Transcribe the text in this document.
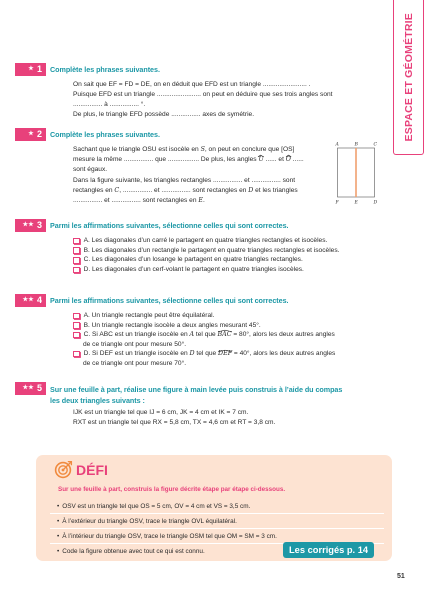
ESPACE ET GÉOMÉTRIE
★ 1 Complète les phrases suivantes.
On sait que EF = FD = DE, on en déduit que EFD est un triangle ........................ .
Puisque EFD est un triangle ........................ on peut en déduire que ses trois angles sont
................ à ................ °.
De plus, le triangle EFD possède ................ axes de symétrie.
★ 2 Complète les phrases suivantes.
Sachant que le triangle OSU est isocèle en S, on peut en conclure que [OS]
mesure la même ................ que ................. De plus, les angles
U ...... et
O ......
sont égaux.
Dans la figure suivante, les triangles rectangles ................ et ................ sont
rectangles en C, ................ et ................ sont rectangles en D et les triangles
................ et ................ sont rectangles en E.
A	B	C
F	E	D
★★ 3 Parmi les affirmations suivantes, sélectionne celles qui sont correctes.
A. Les diagonales d’un carré le partagent en quatre triangles rectangles et isocèles.
B. Les diagonales d’un rectangle le partagent en quatre triangles rectangles et isocèles.
C. Les diagonales d’un losange le partagent en quatre triangles rectangles.
D. Les diagonales d’un cerf-volant le partagent en quatre triangles isocèles.
★★ 4 Parmi les affirmations suivantes, sélectionne celles qui sont correctes.
A. Un triangle rectangle peut être équilatéral.
B. Un triangle rectangle isocèle a deux angles mesurant 45°.
C. Si ABC est un triangle isocèle en A tel que
BAC = 80°, alors les deux autres angles
de ce triangle ont pour mesure 50°.
D. Si DEF est un triangle isocèle en D tel que
DEF = 40°, alors les deux autres angles
de ce triangle ont pour mesure 70°.
★★ 5 Sur une feuille à part, réalise une figure à main levée puis construis à l’aide du compas
les deux triangles suivants :
IJK est un triangle tel que IJ = 6 cm, JK = 4 cm et IK = 7 cm.
RXT est un triangle tel que RX = 5,8 cm, TX = 4,6 cm et RT = 3,8 cm.
DÉFI
Sur une feuille à part, construis la figure décrite étape par étape ci-dessous.
• OSV est un triangle tel que OS = 5 cm, OV = 4 cm et VS = 3,5 cm.
• À l’extérieur du triangle OSV, trace le triangle OVL équilatéral.
• À l’intérieur du triangle OSV, trace le triangle OSM tel que OM = SM = 3 cm.
• Code la figure obtenue avec tout ce qui est connu.	Les corrigés p. 14
51
